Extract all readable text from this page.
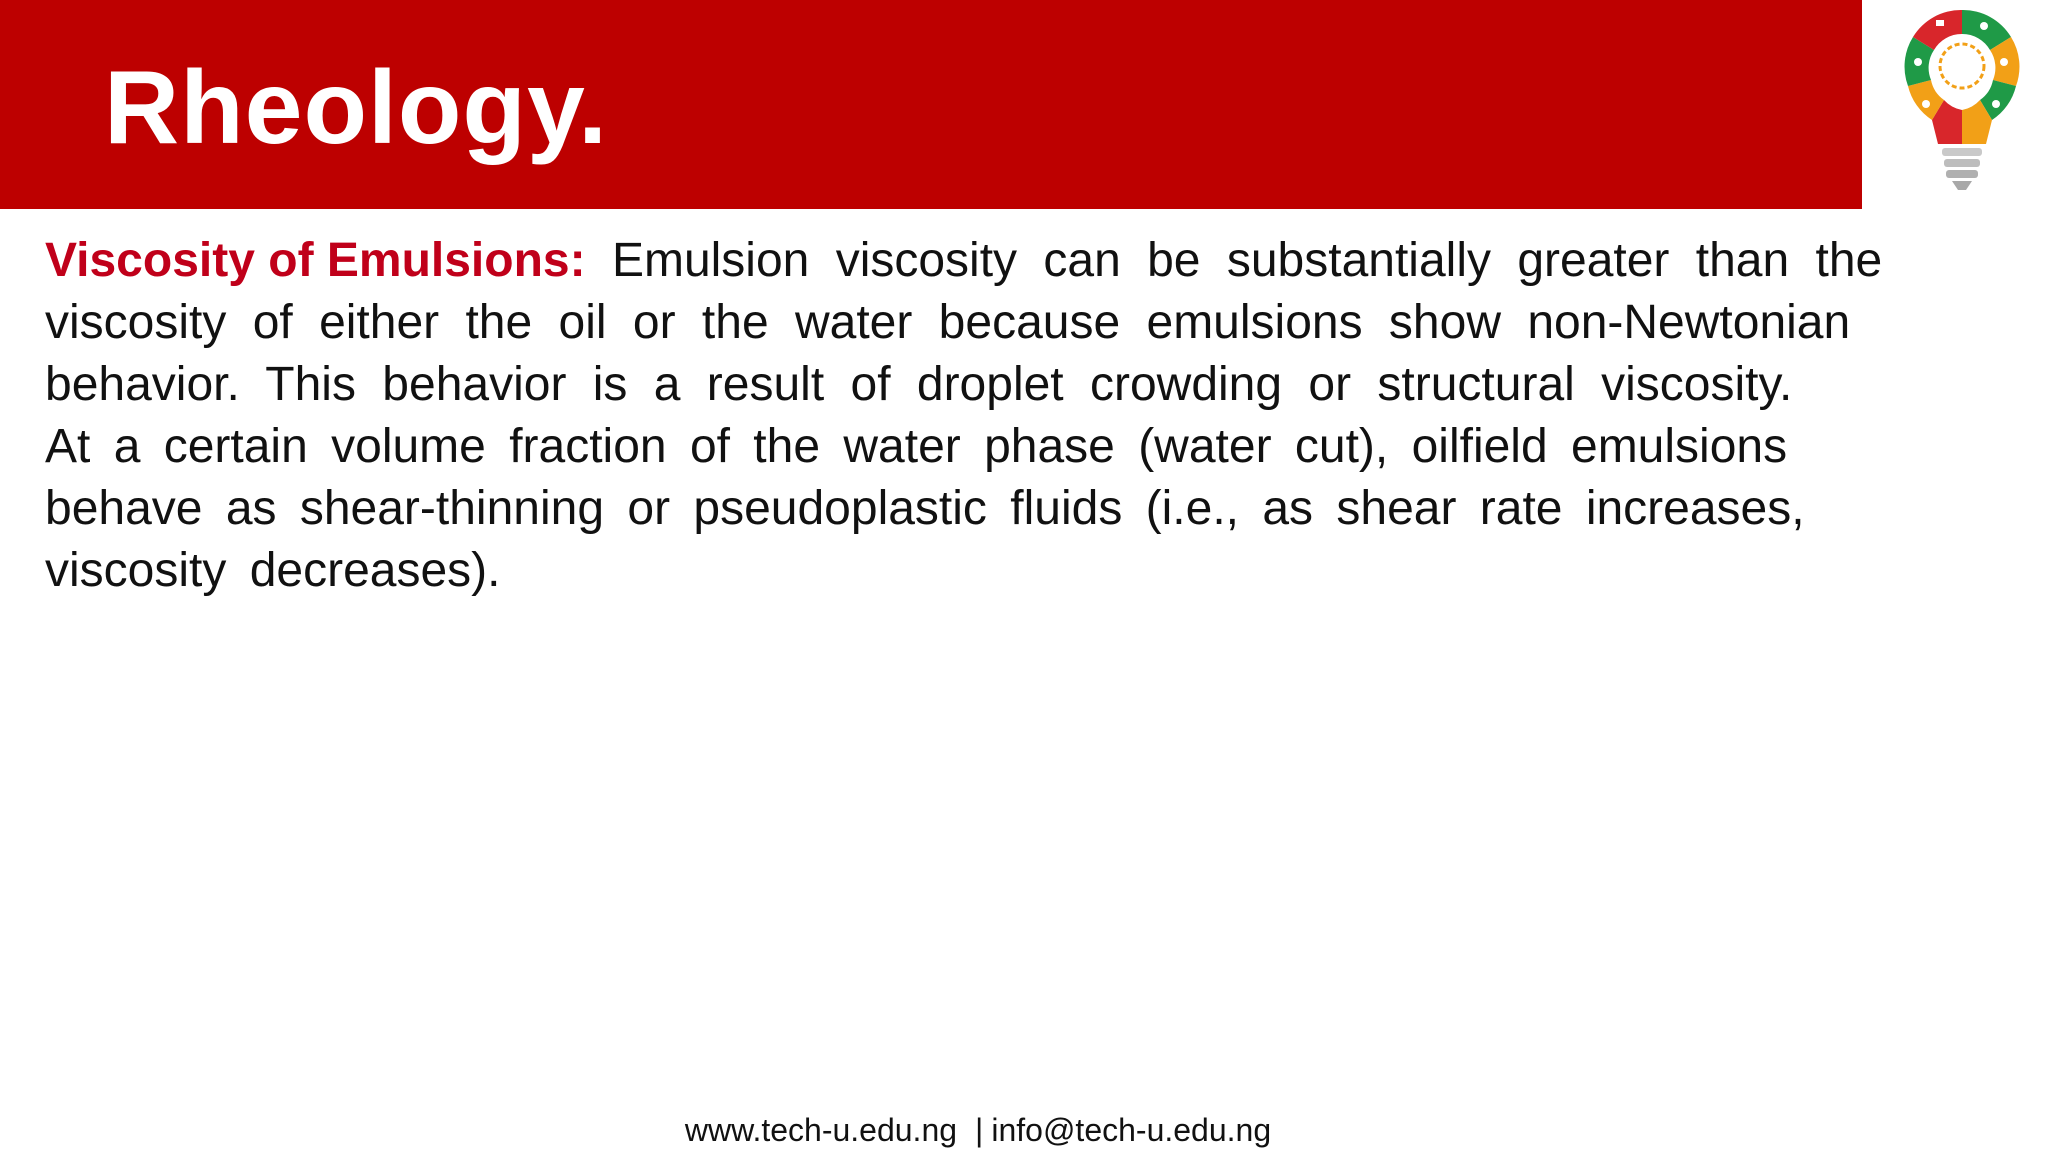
Rheology.

Viscosity of Emulsions: Emulsion viscosity can be substantially greater than the viscosity of either the oil or the water because emulsions show non-Newtonian behavior. This behavior is a result of droplet crowding or structural viscosity.

At a certain volume fraction of the water phase (water cut), oilfield emulsions behave as shear-thinning or pseudoplastic fluids (i.e., as shear rate increases, viscosity decreases).

www.tech-u.edu.ng | info@tech-u.edu.ng
